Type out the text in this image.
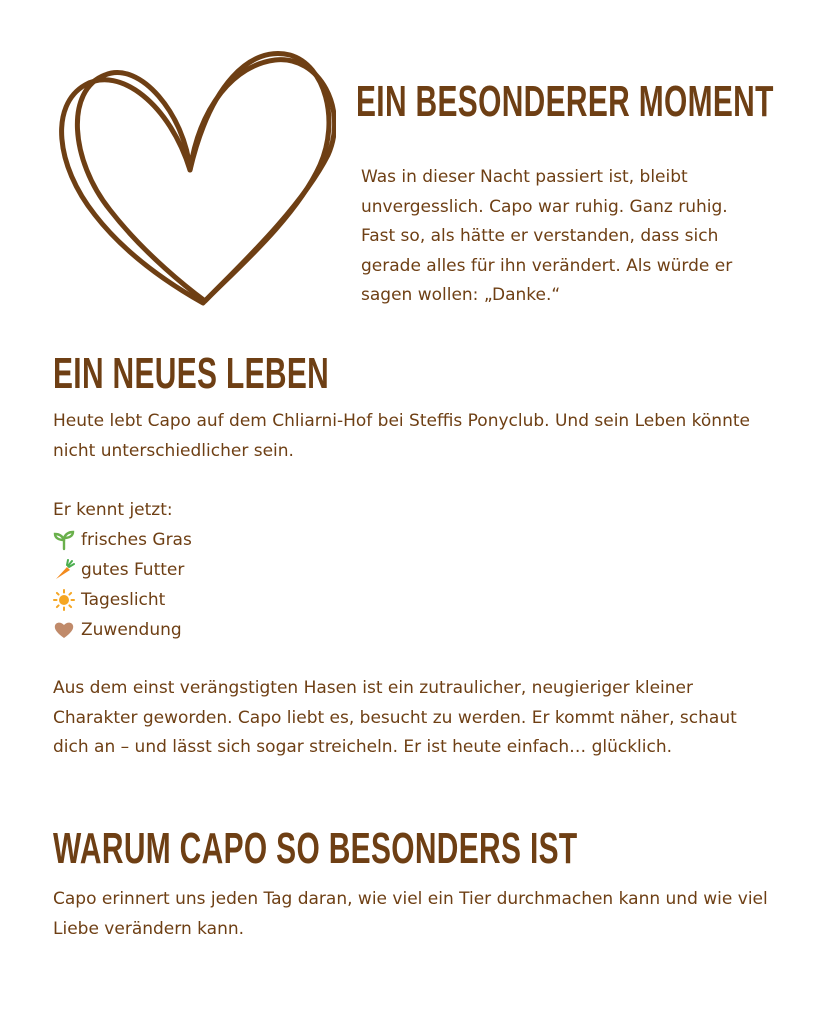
EIN BESONDERER MOMENT

Was in dieser Nacht passiert ist, bleibt unvergesslich. Capo war ruhig. Ganz ruhig. Fast so, als hätte er verstanden, dass sich gerade alles für ihn verändert. Als würde er sagen wollen: „Danke.“

EIN NEUES LEBEN

Heute lebt Capo auf dem Chliarni-Hof bei Steffis Ponyclub. Und sein Leben könnte nicht unterschiedlicher sein.

Er kennt jetzt:

frisches Gras
gutes Futter
Tageslicht
Zuwendung

Aus dem einst verängstigten Hasen ist ein zutraulicher, neugieriger kleiner Charakter geworden. Capo liebt es, besucht zu werden. Er kommt näher, schaut dich an – und lässt sich sogar streicheln. Er ist heute einfach… glücklich.

WARUM CAPO SO BESONDERS IST

Capo erinnert uns jeden Tag daran, wie viel ein Tier durchmachen kann und wie viel Liebe verändern kann.
